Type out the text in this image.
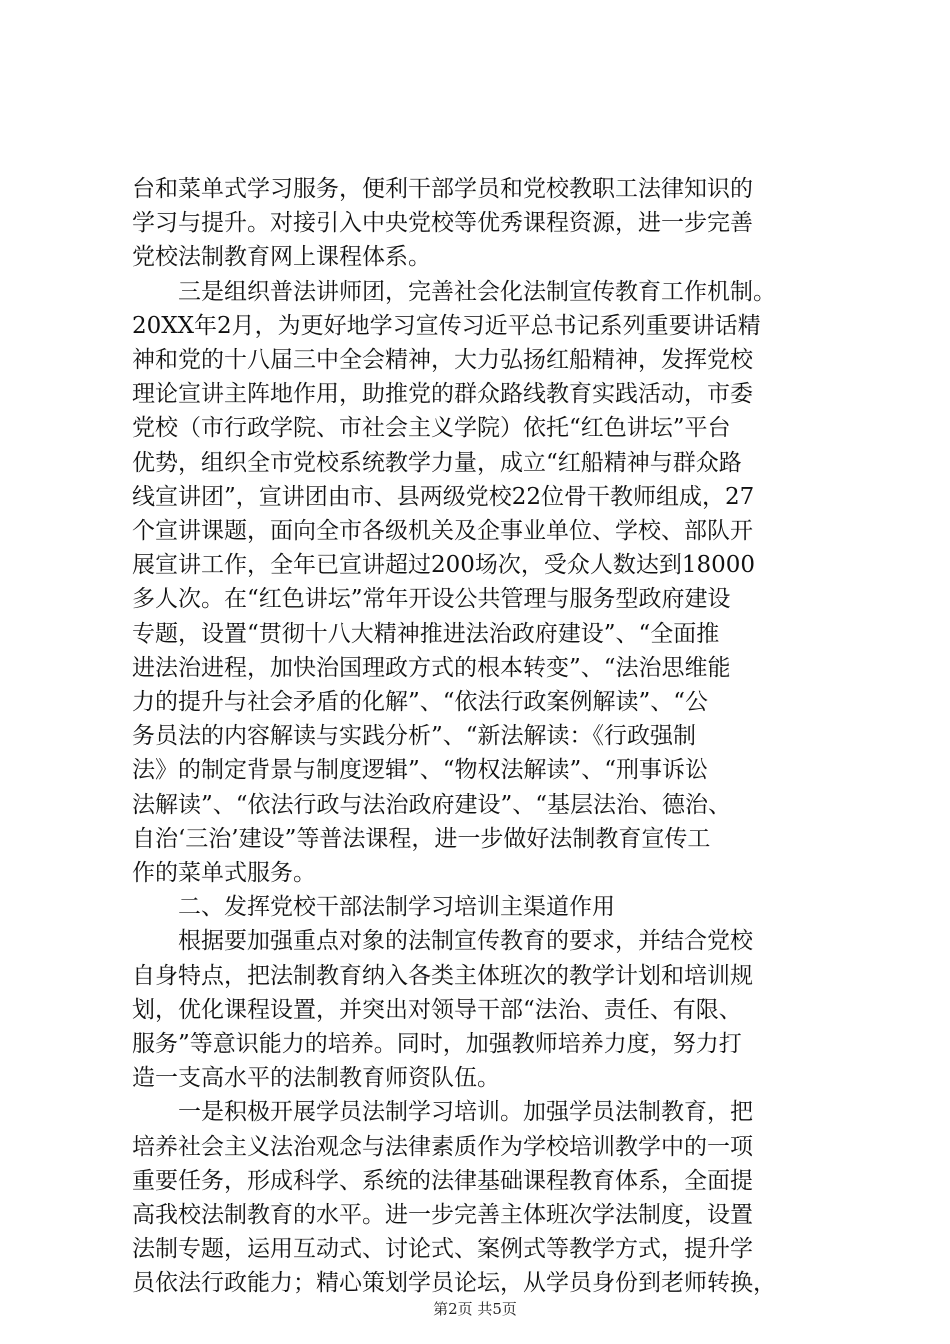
台和菜单式学习服务，便利干部学员和党校教职工法律知识的
学习与提升。对接引入中央党校等优秀课程资源，进一步完善
党校法制教育网上课程体系。
　　三是组织普法讲师团，完善社会化法制宣传教育工作机制。
20XX年2月，为更好地学习宣传习近平总书记系列重要讲话精
神和党的十八届三中全会精神，大力弘扬红船精神，发挥党校
理论宣讲主阵地作用，助推党的群众路线教育实践活动，市委
党校（市行政学院、市社会主义学院）依托“红色讲坛”平台
优势，组织全市党校系统教学力量，成立“红船精神与群众路
线宣讲团”，宣讲团由市、县两级党校22位骨干教师组成，27
个宣讲课题，面向全市各级机关及企事业单位、学校、部队开
展宣讲工作，全年已宣讲超过200场次，受众人数达到18000
多人次。在“红色讲坛”常年开设公共管理与服务型政府建设
专题，设置“贯彻十八大精神推进法治政府建设”、“全面推
进法治进程，加快治国理政方式的根本转变”、“法治思维能
力的提升与社会矛盾的化解”、“依法行政案例解读”、“公
务员法的内容解读与实践分析”、“新法解读：《行政强制
法》的制定背景与制度逻辑”、“物权法解读”、“刑事诉讼
法解读”、“依法行政与法治政府建设”、“基层法治、德治、
自治‘三治’建设”等普法课程，进一步做好法制教育宣传工
作的菜单式服务。
　　二、发挥党校干部法制学习培训主渠道作用
　　根据要加强重点对象的法制宣传教育的要求，并结合党校
自身特点，把法制教育纳入各类主体班次的教学计划和培训规
划，优化课程设置，并突出对领导干部“法治、责任、有限、
服务”等意识能力的培养。同时，加强教师培养力度，努力打
造一支高水平的法制教育师资队伍。
　　一是积极开展学员法制学习培训。加强学员法制教育，把
培养社会主义法治观念与法律素质作为学校培训教学中的一项
重要任务，形成科学、系统的法律基础课程教育体系，全面提
高我校法制教育的水平。进一步完善主体班次学法制度，设置
法制专题，运用互动式、讨论式、案例式等教学方式，提升学
员依法行政能力；精心策划学员论坛，从学员身份到老师转换，
第2页 共5页
